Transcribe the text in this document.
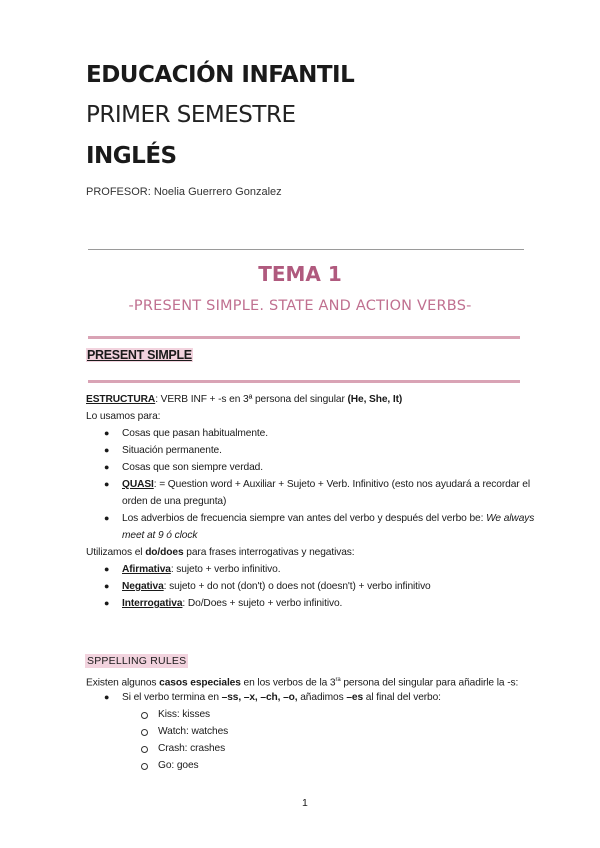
EDUCACIÓN INFANTIL
PRIMER SEMESTRE
INGLÉS
PROFESOR: Noelia Guerrero Gonzalez
TEMA 1
-PRESENT SIMPLE. STATE AND ACTION VERBS-
PRESENT SIMPLE
ESTRUCTURA: VERB INF + -s en 3ª persona del singular (He, She, It)
Lo usamos para:
● Cosas que pasan habitualmente.
● Situación permanente.
● Cosas que son siempre verdad.
● QUASI: = Question word + Auxiliar + Sujeto + Verb. Infinitivo (esto nos ayudará a recordar el
orden de una pregunta)
● Los adverbios de frecuencia siempre van antes del verbo y después del verbo be: We always
meet at 9 ó clock
Utilizamos el do/does para frases interrogativas y negativas:
● Afirmativa: sujeto + verbo infinitivo.
● Negativa: sujeto + do not (don't) o does not (doesn't) + verbo infinitivo
● Interrogativa: Do/Does + sujeto + verbo infinitivo.
SPPELLING RULES
Existen algunos casos especiales en los verbos de la $3^{ra}$ persona del singular para añadirle la -s:
● Si el verbo termina en –ss, –x, –ch, –o, añadimos –es al final del verbo:
Kiss: kisses
Watch: watches
Crash: crashes
Go: goes
1
